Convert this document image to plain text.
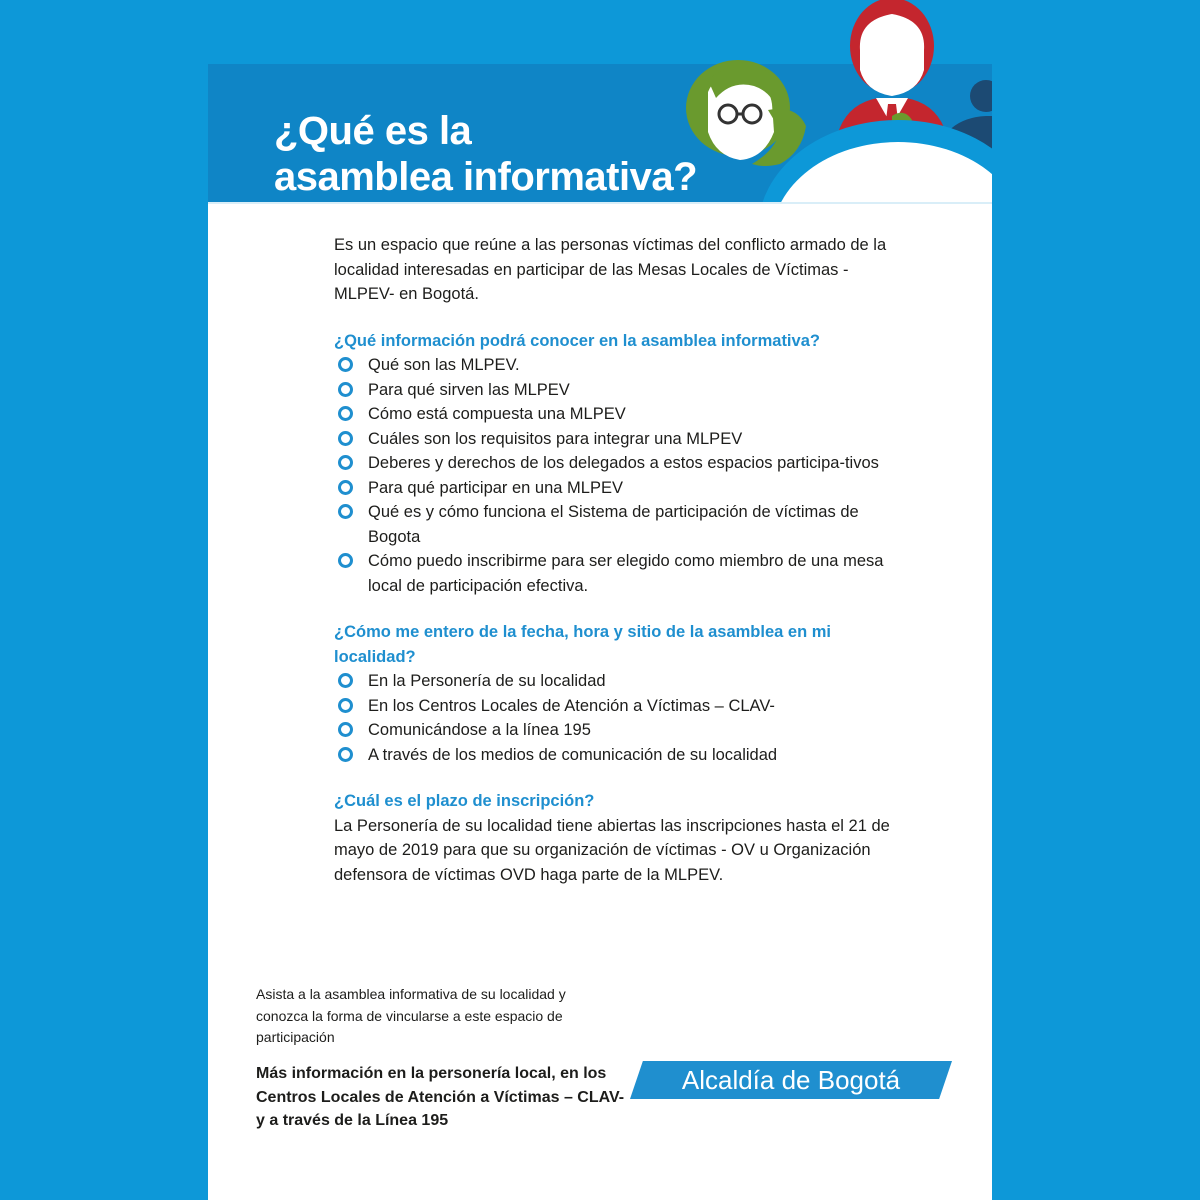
¿Qué es la
asamblea informativa?

Es un espacio que reúne a las personas víctimas del conflicto armado de la localidad interesadas en participar de las Mesas Locales de Víctimas -MLPEV- en Bogotá.

¿Qué información podrá conocer en la asamblea informativa?

Qué son las MLPEV.
Para qué sirven las MLPEV
Cómo está compuesta una MLPEV
Cuáles son los requisitos para integrar una MLPEV
Deberes y derechos de los delegados a estos espacios participa-tivos
Para qué participar en una MLPEV
Qué es y cómo funciona el Sistema de participación de víctimas de Bogota
Cómo puedo inscribirme para ser elegido como miembro de una mesa local de participación efectiva.

¿Cómo me entero de la fecha, hora y sitio de la asamblea en mi localidad?

En la Personería de su localidad
En los Centros Locales de Atención a Víctimas – CLAV-
Comunicándose a la línea 195
A través de los medios de comunicación de su localidad

¿Cuál es el plazo de inscripción?

La Personería de su localidad tiene abiertas las inscripciones hasta el 21 de mayo de 2019 para que su organización de víctimas - OV u Organización defensora de víctimas OVD haga parte de la MLPEV.

Asista a la asamblea informativa de su localidad y conozca la forma de vincularse a este espacio de participación

Más información en la personería local, en los Centros Locales de Atención a Víctimas – CLAV- y a través de la Línea 195

Alcaldía de Bogotá
